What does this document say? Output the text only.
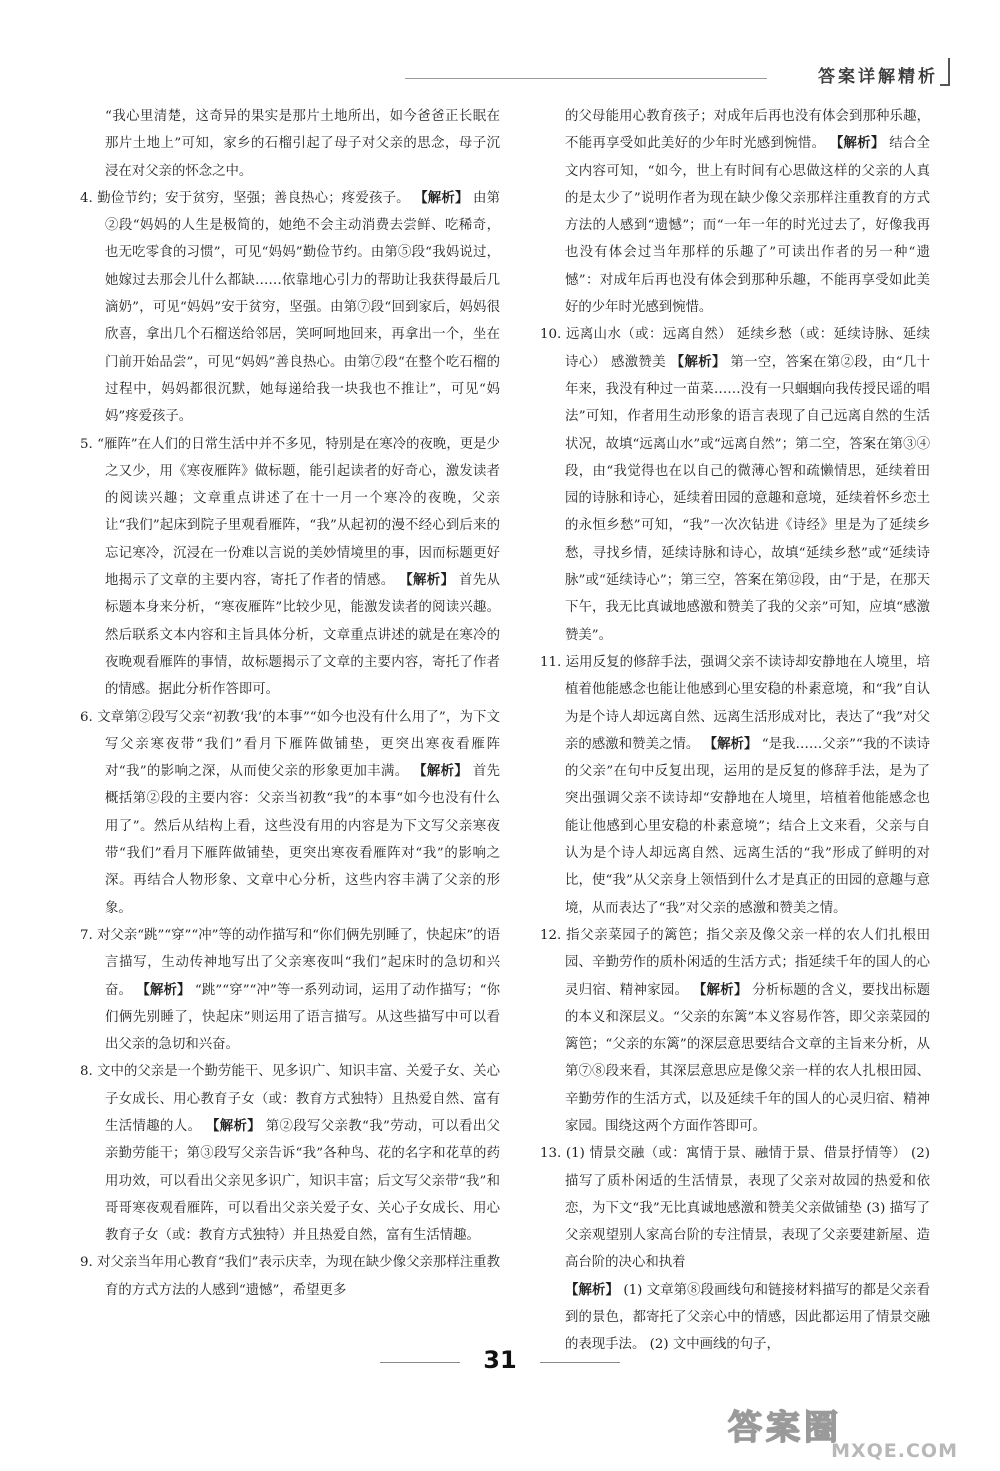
答案详解精析

“我心里清楚，这奇异的果实是那片土地所出，如今爸爸正长眠在那片土地上”可知，家乡的石榴引起了母子对父亲的思念，母子沉浸在对父亲的怀念之中。

4. 勤俭节约；安于贫穷，坚强；善良热心；疼爱孩子。 【解析】 由第②段“妈妈的人生是极简的，她绝不会主动消费去尝鲜、吃稀奇，也无吃零食的习惯”，可见“妈妈”勤俭节约。由第⑤段“我妈说过，她嫁过去那会儿什么都缺……依靠地心引力的帮助让我获得最后几滴奶”，可见“妈妈”安于贫穷，坚强。由第⑦段“回到家后，妈妈很欣喜，拿出几个石榴送给邻居，笑呵呵地回来，再拿出一个，坐在门前开始品尝”，可见“妈妈”善良热心。由第⑦段“在整个吃石榴的过程中，妈妈都很沉默，她每递给我一块我也不推让”，可见“妈妈”疼爱孩子。

5. “雁阵”在人们的日常生活中并不多见，特别是在寒冷的夜晚，更是少之又少，用《寒夜雁阵》做标题，能引起读者的好奇心，激发读者的阅读兴趣；文章重点讲述了在十一月一个寒冷的夜晚，父亲让“我们”起床到院子里观看雁阵，“我”从起初的漫不经心到后来的忘记寒冷，沉浸在一份难以言说的美妙情境里的事，因而标题更好地揭示了文章的主要内容，寄托了作者的情感。 【解析】 首先从标题本身来分析，“寒夜雁阵”比较少见，能激发读者的阅读兴趣。然后联系文本内容和主旨具体分析，文章重点讲述的就是在寒冷的夜晚观看雁阵的事情，故标题揭示了文章的主要内容，寄托了作者的情感。据此分析作答即可。

6. 文章第②段写父亲“初教‘我’的本事”“如今也没有什么用了”，为下文写父亲寒夜带“我们”看月下雁阵做铺垫，更突出寒夜看雁阵对“我”的影响之深，从而使父亲的形象更加丰满。 【解析】 首先概括第②段的主要内容：父亲当初教“我”的本事“如今也没有什么用了”。然后从结构上看，这些没有用的内容是为下文写父亲寒夜带“我们”看月下雁阵做铺垫，更突出寒夜看雁阵对“我”的影响之深。再结合人物形象、文章中心分析，这些内容丰满了父亲的形象。

7. 对父亲“跳”“穿”“冲”等的动作描写和“你们俩先别睡了，快起床”的语言描写，生动传神地写出了父亲寒夜叫“我们”起床时的急切和兴奋。 【解析】 “跳”“穿”“冲”等一系列动词，运用了动作描写；“你们俩先别睡了，快起床”则运用了语言描写。从这些描写中可以看出父亲的急切和兴奋。

8. 文中的父亲是一个勤劳能干、见多识广、知识丰富、关爱子女、关心子女成长、用心教育子女（或：教育方式独特）且热爱自然、富有生活情趣的人。 【解析】 第②段写父亲教“我”劳动，可以看出父亲勤劳能干；第③段写父亲告诉“我”各种鸟、花的名字和花草的药用功效，可以看出父亲见多识广，知识丰富；后文写父亲带“我”和哥哥寒夜观看雁阵，可以看出父亲关爱子女、关心子女成长、用心教育子女（或：教育方式独特）并且热爱自然，富有生活情趣。

9. 对父亲当年用心教育“我们”表示庆幸，为现在缺少像父亲那样注重教育的方式方法的人感到“遗憾”，希望更多

的父母能用心教育孩子；对成年后再也没有体会到那种乐趣，不能再享受如此美好的少年时光感到惋惜。 【解析】 结合全文内容可知，“如今，世上有时间有心思做这样的父亲的人真的是太少了”说明作者为现在缺少像父亲那样注重教育的方式方法的人感到“遗憾”；而“一年一年的时光过去了，好像我再也没有体会过当年那样的乐趣了”可读出作者的另一种“遗憾”：对成年后再也没有体会到那种乐趣，不能再享受如此美好的少年时光感到惋惜。

10. 远离山水（或：远离自然） 延续乡愁（或：延续诗脉、延续诗心） 感激赞美 【解析】 第一空，答案在第②段，由“几十年来，我没有种过一苗菜……没有一只蝈蝈向我传授民谣的唱法”可知，作者用生动形象的语言表现了自己远离自然的生活状况，故填“远离山水”或“远离自然”；第二空，答案在第③④段，由“我觉得也在以自己的微薄心智和疏懒情思，延续着田园的诗脉和诗心，延续着田园的意趣和意境，延续着怀乡恋土的永恒乡愁”可知，“我”一次次钻进《诗经》里是为了延续乡愁，寻找乡情，延续诗脉和诗心，故填“延续乡愁”或“延续诗脉”或“延续诗心”；第三空，答案在第⑫段，由“于是，在那天下午，我无比真诚地感激和赞美了我的父亲”可知，应填“感激赞美”。

11. 运用反复的修辞手法，强调父亲不读诗却安静地在人境里，培植着他能感念也能让他感到心里安稳的朴素意境，和“我”自认为是个诗人却远离自然、远离生活形成对比，表达了“我”对父亲的感激和赞美之情。 【解析】 “是我……父亲”“我的不读诗的父亲”在句中反复出现，运用的是反复的修辞手法，是为了突出强调父亲不读诗却“安静地在人境里，培植着他能感念也能让他感到心里安稳的朴素意境”；结合上文来看，父亲与自认为是个诗人却远离自然、远离生活的“我”形成了鲜明的对比，使“我”从父亲身上领悟到什么才是真正的田园的意趣与意境，从而表达了“我”对父亲的感激和赞美之情。

12. 指父亲菜园子的篱笆；指父亲及像父亲一样的农人们扎根田园、辛勤劳作的质朴闲适的生活方式；指延续千年的国人的心灵归宿、精神家园。 【解析】 分析标题的含义，要找出标题的本义和深层义。“父亲的东篱”本义容易作答，即父亲菜园的篱笆；“父亲的东篱”的深层意思要结合文章的主旨来分析，从第⑦⑧段来看，其深层意思应是像父亲一样的农人扎根田园、辛勤劳作的生活方式，以及延续千年的国人的心灵归宿、精神家园。围绕这两个方面作答即可。

13. (1) 情景交融（或：寓情于景、融情于景、借景抒情等） (2) 描写了质朴闲适的生活情景，表现了父亲对故园的热爱和依恋，为下文“我”无比真诚地感激和赞美父亲做铺垫 (3) 描写了父亲观望别人家高台阶的专注情景，表现了父亲要建新屋、造高台阶的决心和执着

【解析】 (1) 文章第⑧段画线句和链接材料描写的都是父亲看到的景色，都寄托了父亲心中的情感，因此都运用了情景交融的表现手法。 (2) 文中画线的句子，

31
答案圈
MXQE.COM
